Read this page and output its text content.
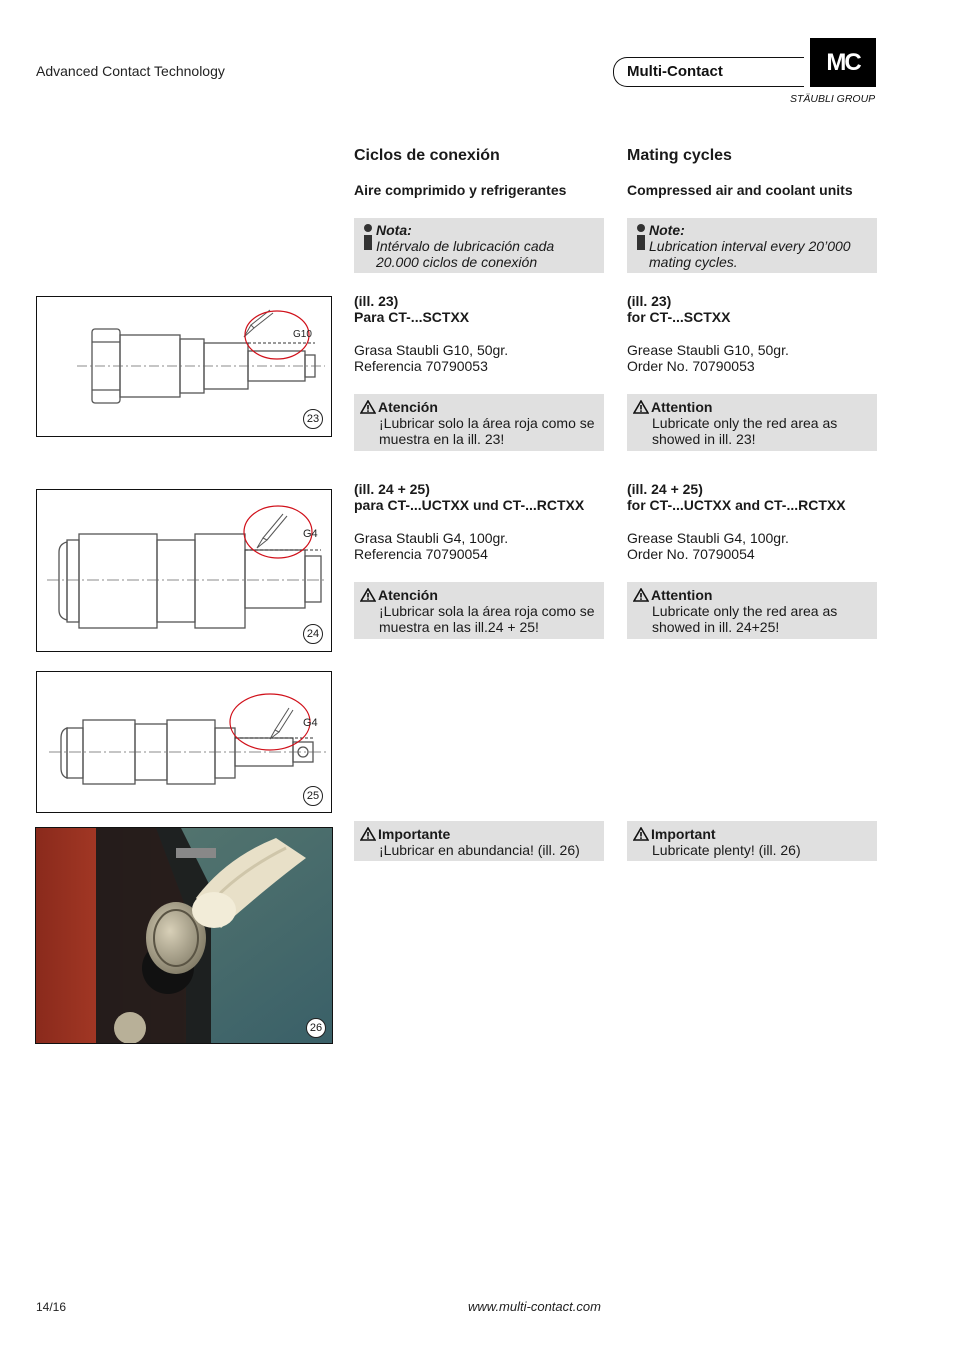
Advanced Contact Technology	Multi-Contact	MC
STÄUBLI GROUP
Ciclos de conexión	Mating cycles
Aire comprimido y refrigerantes	Compressed air and coolant units
Nota:
Intérvalo de lubricación cada 20.000 ciclos de conexión
Note:
Lubrication interval every 20’000 mating cycles.
(ill. 23)
Para CT-...SCTXX
Grasa Staubli G10, 50gr.
Referencia 70790053
(ill. 23)
for CT-...SCTXX
Grease Staubli G10, 50gr.
Order No. 70790053
Atención
¡Lubricar solo la área roja como se muestra en la ill. 23!
Attention
Lubricate only the red area as showed in ill. 23!
(ill. 24 + 25)
para CT-...UCTXX und CT-...RCTXX
Grasa Staubli G4, 100gr.
Referencia 70790054
(ill. 24 + 25)
for CT-...UCTXX and CT-...RCTXX
Grease Staubli G4, 100gr.
Order No. 70790054
Atención
¡Lubricar sola la área roja como se muestra en las ill.24 + 25!
Attention
Lubricate only the red area as showed in ill. 24+25!
Importante
¡Lubricar en abundancia! (ill. 26)
Important
Lubricate plenty! (ill. 26)
G10
23
G4
24
G4
25
26
14/16	www.multi-contact.com
